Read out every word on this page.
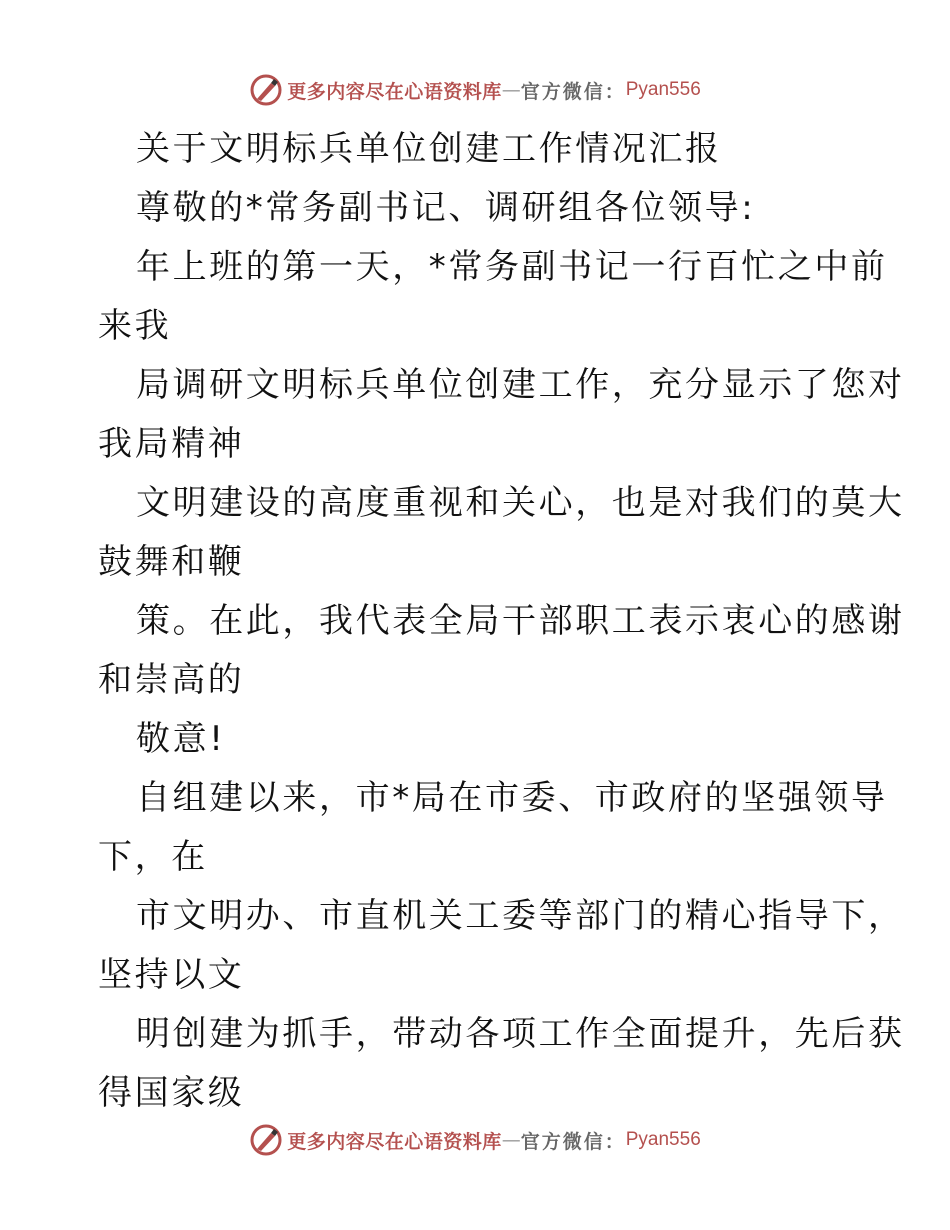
更多内容尽在心语资料库 — 官方微信： Pyan556
关于文明标兵单位创建工作情况汇报
尊敬的*常务副书记、调研组各位领导:
年上班的第一天，*常务副书记一行百忙之中前
来我
局调研文明标兵单位创建工作，充分显示了您对
我局精神
文明建设的高度重视和关心，也是对我们的莫大
鼓舞和鞭
策。在此，我代表全局干部职工表示衷心的感谢
和崇高的
敬意!
自组建以来，市*局在市委、市政府的坚强领导
下，在
市文明办、市直机关工委等部门的精心指导下，
坚持以文
明创建为抓手，带动各项工作全面提升，先后获
得国家级
更多内容尽在心语资料库 — 官方微信： Pyan556
